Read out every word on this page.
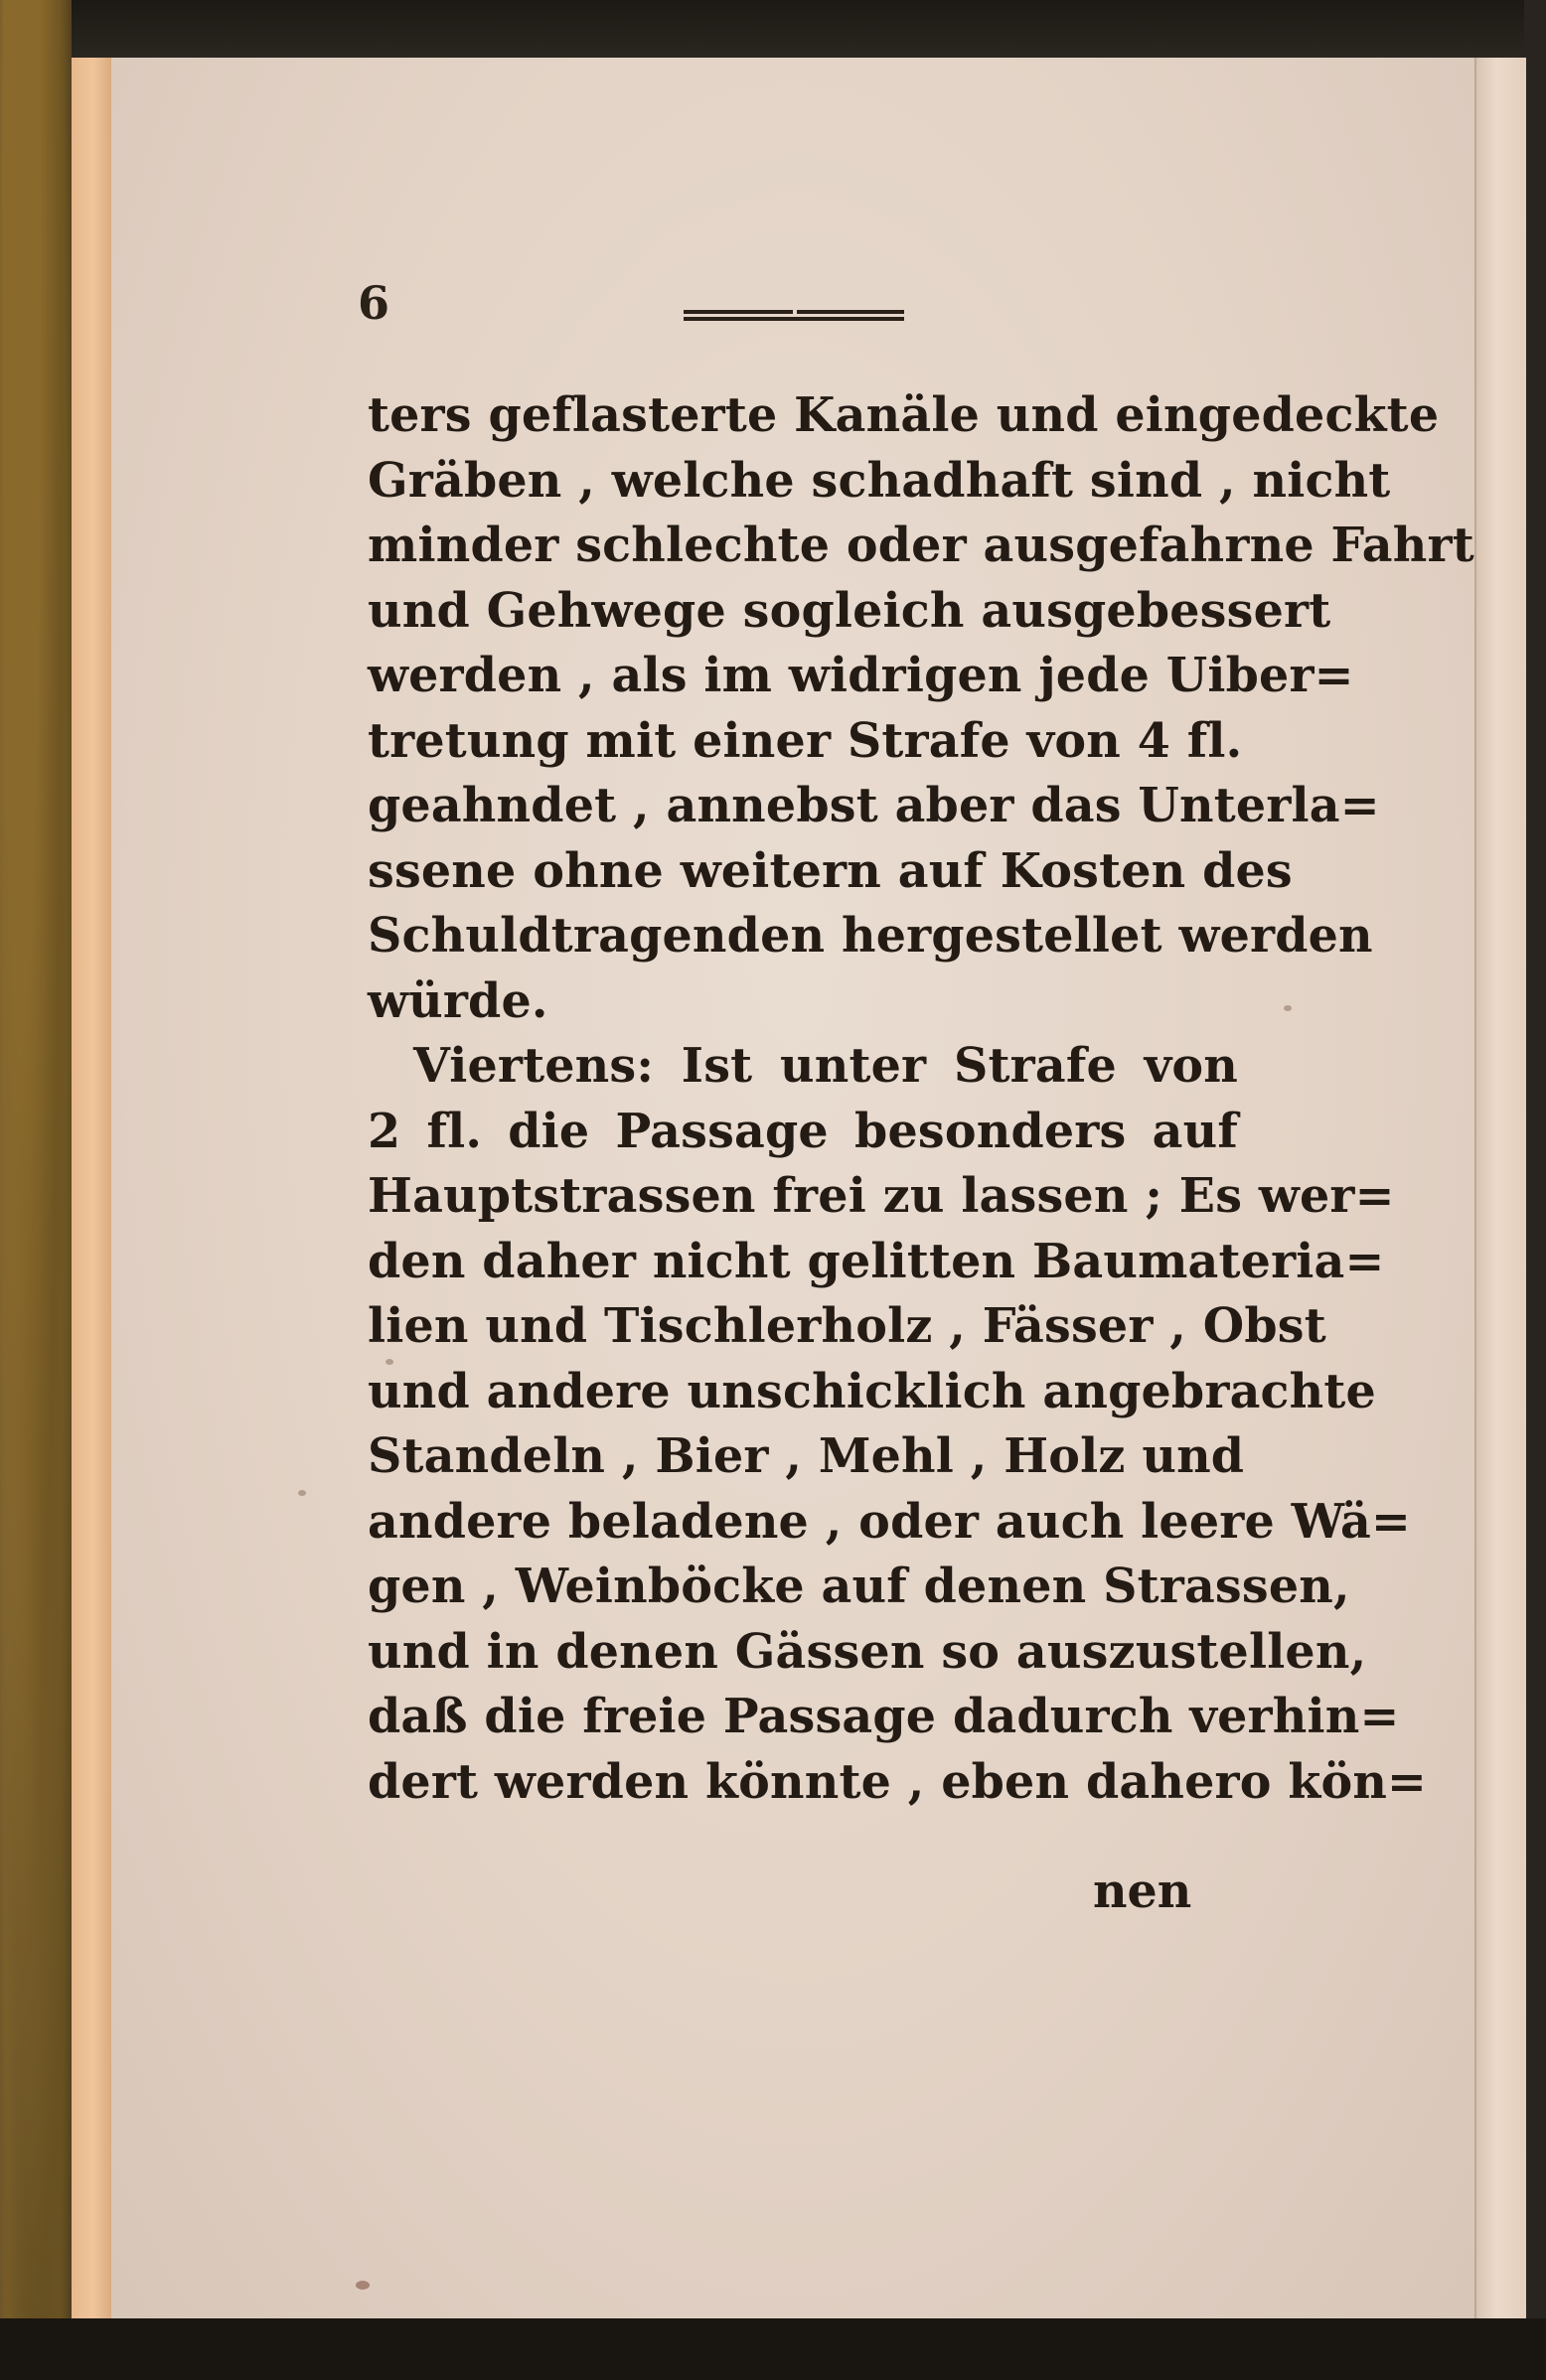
6
ters geflasterte Kanäle und eingedeckte
Gräben , welche schadhaft sind , nicht
minder schlechte oder ausgefahrne Fahrt
und Gehwege sogleich ausgebessert
werden , als im widrigen jede Uiber=
tretung mit einer Strafe von 4 fl.
geahndet , annebst aber das Unterla=
ssene ohne weitern auf Kosten des
Schuldtragenden hergestellet werden
würde.
Viertens: Ist unter Strafe von
2 fl. die Passage besonders auf
Hauptstrassen frei zu lassen ; Es wer=
den daher nicht gelitten Baumateria=
lien und Tischlerholz , Fässer , Obst
und andere unschicklich angebrachte
Standeln , Bier , Mehl , Holz und
andere beladene , oder auch leere Wä=
gen , Weinböcke auf denen Strassen,
und in denen Gässen so auszustellen,
daß die freie Passage dadurch verhin=
dert werden könnte , eben dahero kön=
nen
